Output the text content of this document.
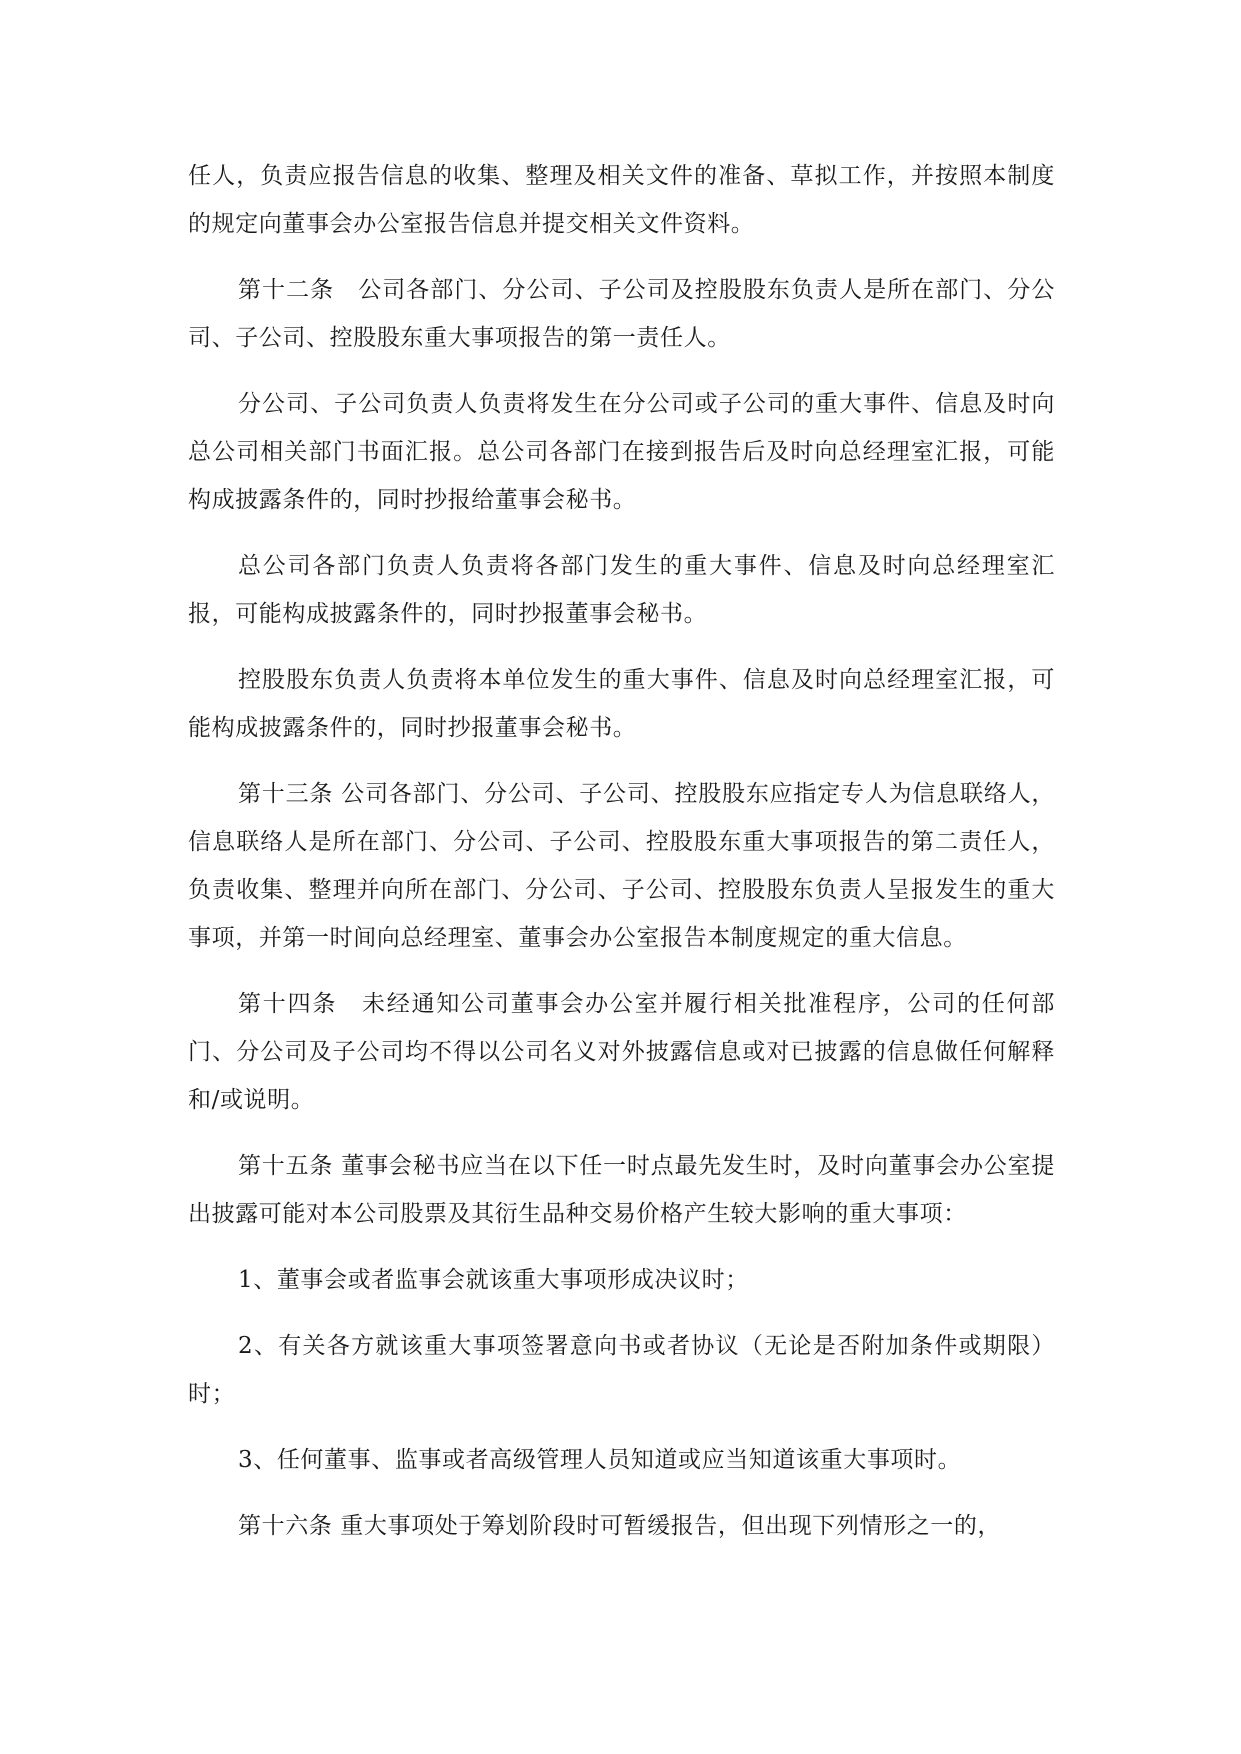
任人，负责应报告信息的收集、整理及相关文件的准备、草拟工作，并按照本制度的规定向董事会办公室报告信息并提交相关文件资料。

第十二条　公司各部门、分公司、子公司及控股股东负责人是所在部门、分公司、子公司、控股股东重大事项报告的第一责任人。

分公司、子公司负责人负责将发生在分公司或子公司的重大事件、信息及时向总公司相关部门书面汇报。总公司各部门在接到报告后及时向总经理室汇报，可能构成披露条件的，同时抄报给董事会秘书。

总公司各部门负责人负责将各部门发生的重大事件、信息及时向总经理室汇报，可能构成披露条件的，同时抄报董事会秘书。

控股股东负责人负责将本单位发生的重大事件、信息及时向总经理室汇报，可能构成披露条件的，同时抄报董事会秘书。

第十三条 公司各部门、分公司、子公司、控股股东应指定专人为信息联络人，信息联络人是所在部门、分公司、子公司、控股股东重大事项报告的第二责任人，负责收集、整理并向所在部门、分公司、子公司、控股股东负责人呈报发生的重大事项，并第一时间向总经理室、董事会办公室报告本制度规定的重大信息。

第十四条　未经通知公司董事会办公室并履行相关批准程序，公司的任何部门、分公司及子公司均不得以公司名义对外披露信息或对已披露的信息做任何解释和/或说明。

第十五条 董事会秘书应当在以下任一时点最先发生时，及时向董事会办公室提出披露可能对本公司股票及其衍生品种交易价格产生较大影响的重大事项：

1、董事会或者监事会就该重大事项形成决议时；

2、有关各方就该重大事项签署意向书或者协议（无论是否附加条件或期限）时；

3、任何董事、监事或者高级管理人员知道或应当知道该重大事项时。

第十六条 重大事项处于筹划阶段时可暂缓报告，但出现下列情形之一的，
